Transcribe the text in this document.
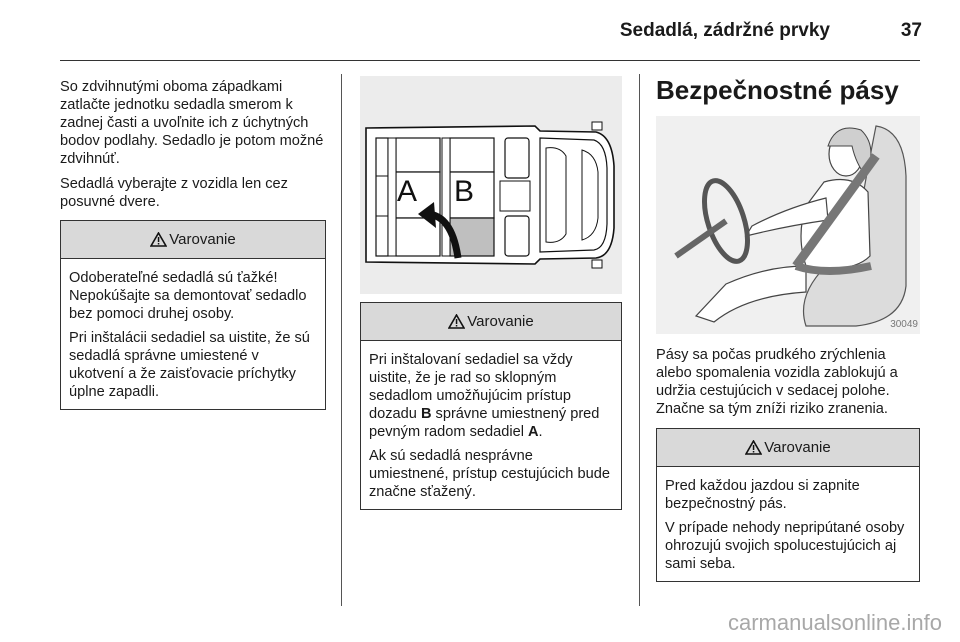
Sedadlá, zádržné prvky	37

So zdvihnutými oboma západkami zatlačte jednotku sedadla smerom k zadnej časti a uvoľnite ich z úchytných bodov podlahy. Sedadlo je potom možné zdvihnúť.

Sedadlá vyberajte z vozidla len cez posuvné dvere.

Varovanie

Odoberateľné sedadlá sú ťažké! Nepokúšajte sa demontovať sedadlo bez pomoci druhej osoby.

Pri inštalácii sedadiel sa uistite, že sú sedadlá správne umiestené v ukotvení a že zaisťovacie príchytky úplne zapadli.

A B
Varovanie

Pri inštalovaní sedadiel sa vždy uistite, že je rad so sklopným sedadlom umožňujúcim prístup dozadu B správne umiestnený pred pevným radom sedadiel A.

Ak sú sedadlá nesprávne umiestnené, prístup cestujúcich bude značne sťažený.

Bezpečnostné pásy
30049

Pásy sa počas prudkého zrýchlenia alebo spomalenia vozidla zablokujú a udržia cestujúcich v sedacej polohe. Značne sa tým zníži riziko zranenia.

Varovanie

Pred každou jazdou si zapnite bezpečnostný pás.

V prípade nehody nepripútané osoby ohrozujú svojich spolucestujúcich aj sami seba.

carmanualsonline.info
